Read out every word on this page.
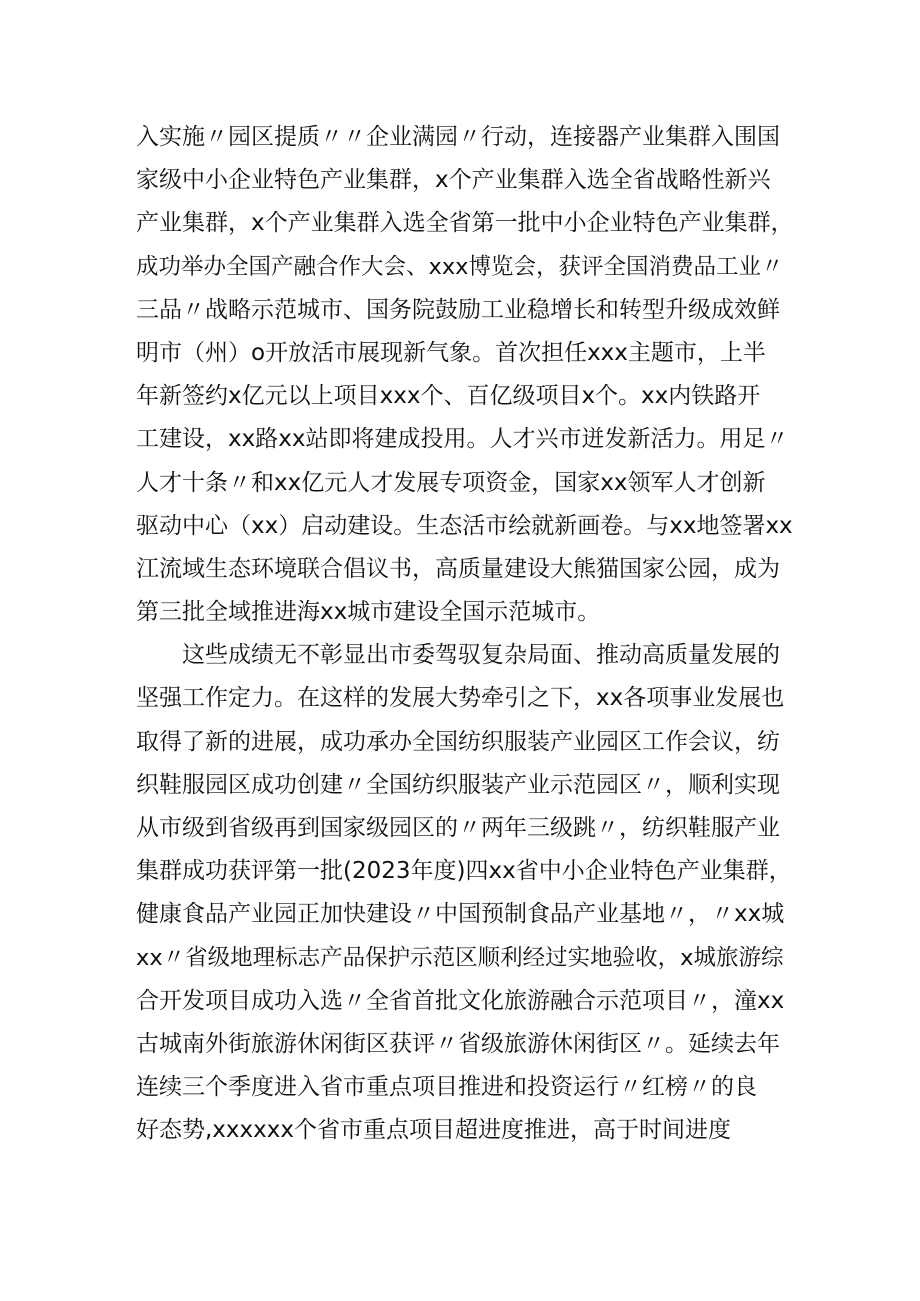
入实施〃园区提质〃〃企业满园〃行动，连接器产业集群入围国
家级中小企业特色产业集群，x个产业集群入选全省战略性新兴
产业集群，x个产业集群入选全省第一批中小企业特色产业集群，
成功举办全国产融合作大会、xxx博览会，获评全国消费品工业〃
三品〃战略示范城市、国务院鼓励工业稳增长和转型升级成效鲜
明市（州）o开放活市展现新气象。首次担任xxx主题市，上半
年新签约x亿元以上项目xxx个、百亿级项目x个。xx内铁路开
工建设，xx路xx站即将建成投用。人才兴市迸发新活力。用足〃
人才十条〃和xx亿元人才发展专项资金，国家xx领军人才创新
驱动中心（xx）启动建设。生态活市绘就新画卷。与xx地签署xx
江流域生态环境联合倡议书，高质量建设大熊猫国家公园，成为
第三批全域推进海xx城市建设全国示范城市。
这些成绩无不彰显出市委驾驭复杂局面、推动高质量发展的
坚强工作定力。在这样的发展大势牵引之下，xx各项事业发展也
取得了新的进展，成功承办全国纺织服装产业园区工作会议，纺
织鞋服园区成功创建〃全国纺织服装产业示范园区〃，顺利实现
从市级到省级再到国家级园区的〃两年三级跳〃，纺织鞋服产业
集群成功获评第一批(2023年度)四xx省中小企业特色产业集群，
健康食品产业园正加快建设〃中国预制食品产业基地〃，〃xx城
xx〃省级地理标志产品保护示范区顺利经过实地验收，x城旅游综
合开发项目成功入选〃全省首批文化旅游融合示范项目〃，潼xx
古城南外街旅游休闲街区获评〃省级旅游休闲街区〃。延续去年
连续三个季度进入省市重点项目推进和投资运行〃红榜〃的良
好态势,xxxxxx个省市重点项目超进度推进，高于时间进度
